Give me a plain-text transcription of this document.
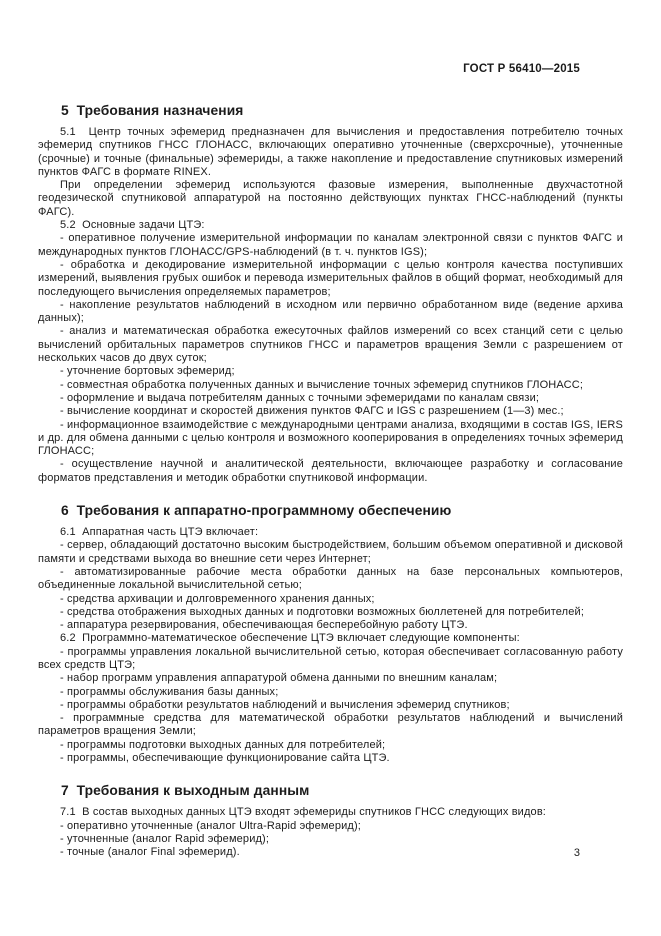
ГОСТ Р 56410—2015
5  Требования назначения

5.1  Центр точных эфемерид предназначен для вычисления и предоставления потребителю точных эфемерид спутников ГНСС ГЛОНАСС, включающих оперативно уточненные (сверхсрочные), уточненные (срочные) и точные (финальные) эфемериды, а также накопление и предоставление спутниковых измерений пунктов ФАГС в формате RINEX.

При определении эфемерид используются фазовые измерения, выполненные двухчастотной геодезической спутниковой аппаратурой на постоянно действующих пунктах ГНСС-наблюдений (пункты ФАГС).

5.2  Основные задачи ЦТЭ:

- оперативное получение измерительной информации по каналам электронной связи с пунктов ФАГС и международных пунктов ГЛОНАСС/GPS-наблюдений (в т. ч. пунктов IGS);

- обработка и декодирование измерительной информации с целью контроля качества поступивших измерений, выявления грубых ошибок и перевода измерительных файлов в общий формат, необходимый для последующего вычисления определяемых параметров;

- накопление результатов наблюдений в исходном или первично обработанном виде (ведение архива данных);

- анализ и математическая обработка ежесуточных файлов измерений со всех станций сети с целью вычислений орбитальных параметров спутников ГНСС и параметров вращения Земли с разрешением от нескольких часов до двух суток;

- уточнение бортовых эфемерид;

- совместная обработка полученных данных и вычисление точных эфемерид спутников ГЛОНАСС;

- оформление и выдача потребителям данных с точными эфемеридами по каналам связи;

- вычисление координат и скоростей движения пунктов ФАГС и IGS с разрешением (1—3) мес.;

- информационное взаимодействие с международными центрами анализа, входящими в состав IGS, IERS и др. для обмена данными с целью контроля и возможного кооперирования в определениях точных эфемерид ГЛОНАСС;

- осуществление научной и аналитической деятельности, включающее разработку и согласование форматов представления и методик обработки спутниковой информации.

6  Требования к аппаратно-программному обеспечению

6.1  Аппаратная часть ЦТЭ включает:

- сервер, обладающий достаточно высоким быстродействием, большим объемом оперативной и дисковой памяти и средствами выхода во внешние сети через Интернет;

- автоматизированные рабочие места обработки данных на базе персональных компьютеров, объединенные локальной вычислительной сетью;

- средства архивации и долговременного хранения данных;

- средства отображения выходных данных и подготовки возможных бюллетеней для потребителей;

- аппаратура резервирования, обеспечивающая бесперебойную работу ЦТЭ.

6.2  Программно-математическое обеспечение ЦТЭ включает следующие компоненты:

- программы управления локальной вычислительной сетью, которая обеспечивает согласованную работу всех средств ЦТЭ;

- набор программ управления аппаратурой обмена данными по внешним каналам;

- программы обслуживания базы данных;

- программы обработки результатов наблюдений и вычисления эфемерид спутников;

- программные средства для математической обработки результатов наблюдений и вычислений параметров вращения Земли;

- программы подготовки выходных данных для потребителей;

- программы, обеспечивающие функционирование сайта ЦТЭ.

7  Требования к выходным данным

7.1  В состав выходных данных ЦТЭ входят эфемериды спутников ГНСС следующих видов:

- оперативно уточненные (аналог Ultra-Rapid эфемерид);

- уточненные (аналог Rapid эфемерид);

- точные (аналог Final эфемерид).	3
